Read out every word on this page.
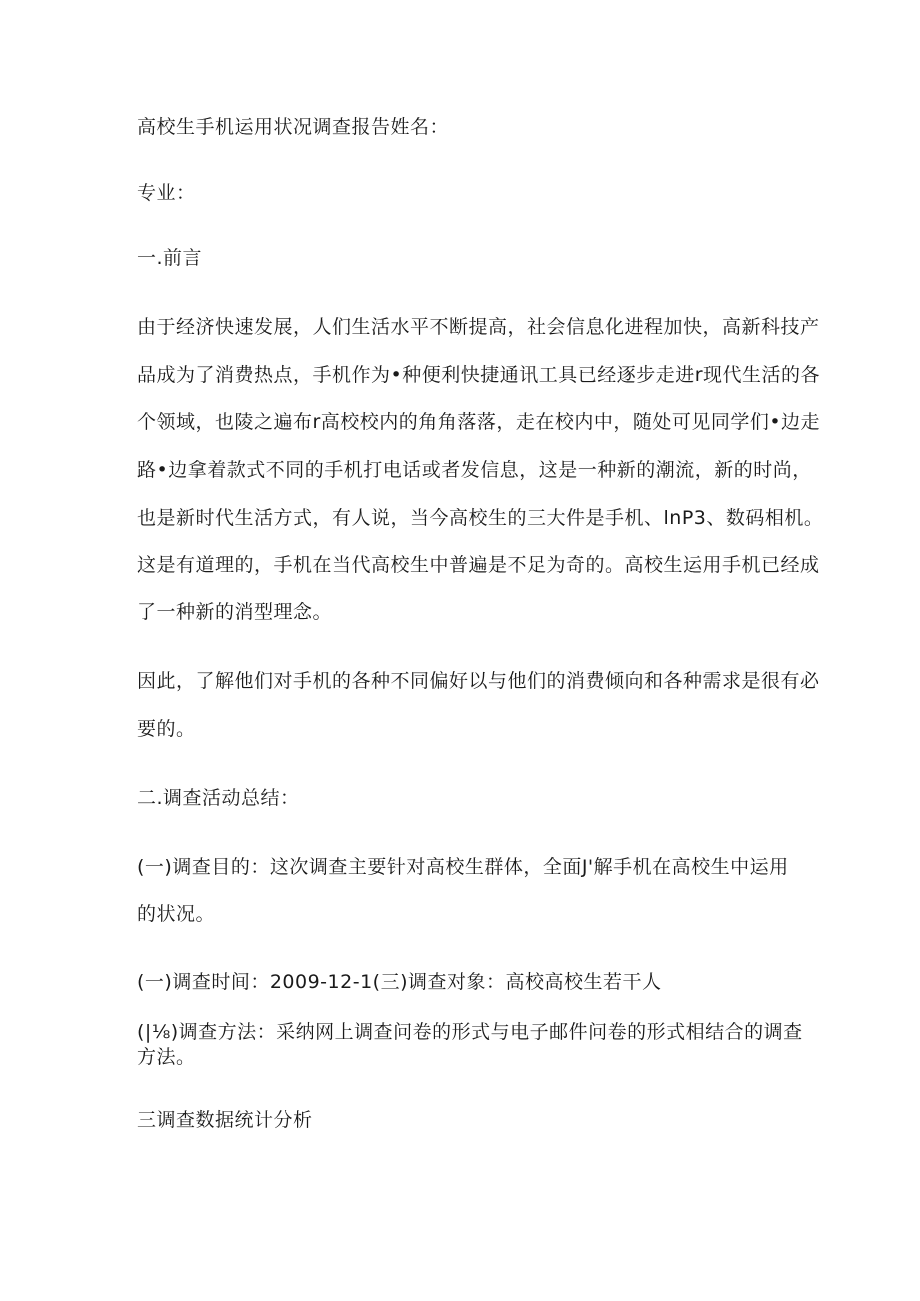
高校生手机运用状况调查报告姓名：
专业：
一.前言
由于经济快速发展，人们生活水平不断提高，社会信息化进程加快，高新科技产
品成为了消费热点，手机作为•种便利快捷通讯工具已经逐步走进r现代生活的各
个领域，也陵之遍布r高校校内的角角落落，走在校内中，随处可见同学们•边走
路•边拿着款式不同的手机打电话或者发信息，这是一种新的潮流，新的时尚，
也是新时代生活方式，有人说，当今高校生的三大件是手机、lnP3、数码相机。
这是有道理的，手机在当代高校生中普遍是不足为奇的。高校生运用手机已经成
了一种新的消型理念。
因此，了解他们对手机的各种不同偏好以与他们的消费倾向和各种需求是很有必
要的。
二.调查活动总结：
(一)调查目的：这次调查主要针对高校生群体，全面J'解手机在高校生中运用
的状况。
(一)调查时间：2009-12-1(三)调查对象：高校高校生若干人
(|⅛)调查方法：采纳网上调查问卷的形式与电子邮件问卷的形式相结合的调查
方法。
三调查数据统计分析
